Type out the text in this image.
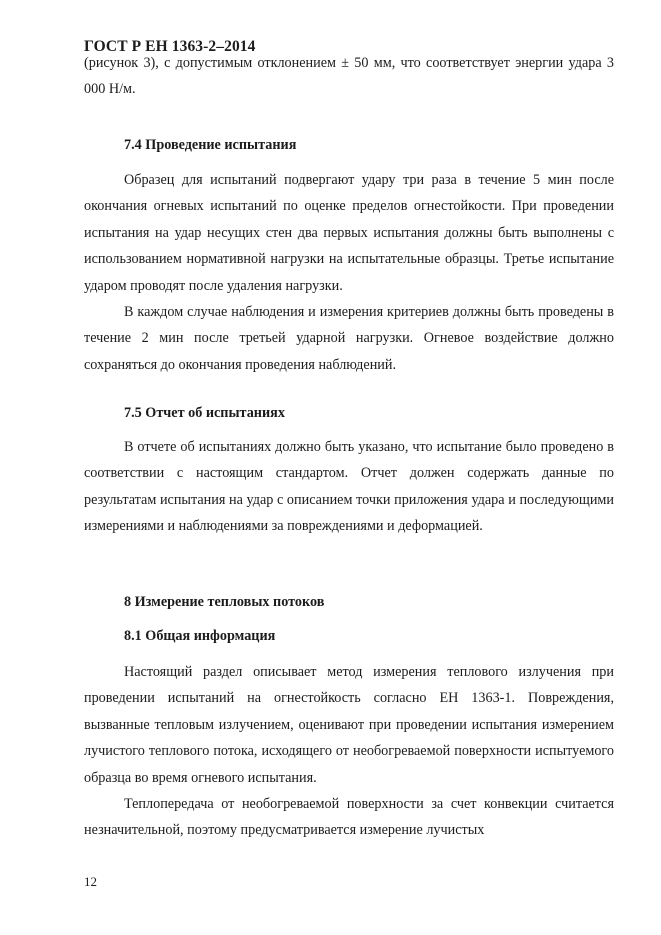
ГОСТ Р ЕН 1363-2–2014

(рисунок 3), с допустимым отклонением ± 50 мм, что соответствует энергии удара 3 000 Н/м.

7.4 Проведение испытания

Образец для испытаний подвергают удару три раза в течение 5 мин после окончания огневых испытаний по оценке пределов огнестойкости. При проведении испытания на удар несущих стен два первых испытания должны быть выполнены с использованием нормативной нагрузки на испытательные образцы. Третье испытание ударом проводят после удаления нагрузки.

В каждом случае наблюдения и измерения критериев должны быть проведены в течение 2 мин после третьей ударной нагрузки. Огневое воздействие должно сохраняться до окончания проведения наблюдений.

7.5 Отчет об испытаниях

В отчете об испытаниях должно быть указано, что испытание было проведено в соответствии с настоящим стандартом. Отчет должен содержать данные по результатам испытания на удар с описанием точки приложения удара и последующими измерениями и наблюдениями за повреждениями и деформацией.

8 Измерение тепловых потоков
8.1 Общая информация

Настоящий раздел описывает метод измерения теплового излучения при проведении испытаний на огнестойкость согласно ЕН 1363-1. Повреждения, вызванные тепловым излучением, оценивают при проведении испытания измерением лучистого теплового потока, исходящего от необогреваемой поверхности испытуемого образца во время огневого испытания.

Теплопередача от необогреваемой поверхности за счет конвекции считается незначительной, поэтому предусматривается измерение лучистых

12
